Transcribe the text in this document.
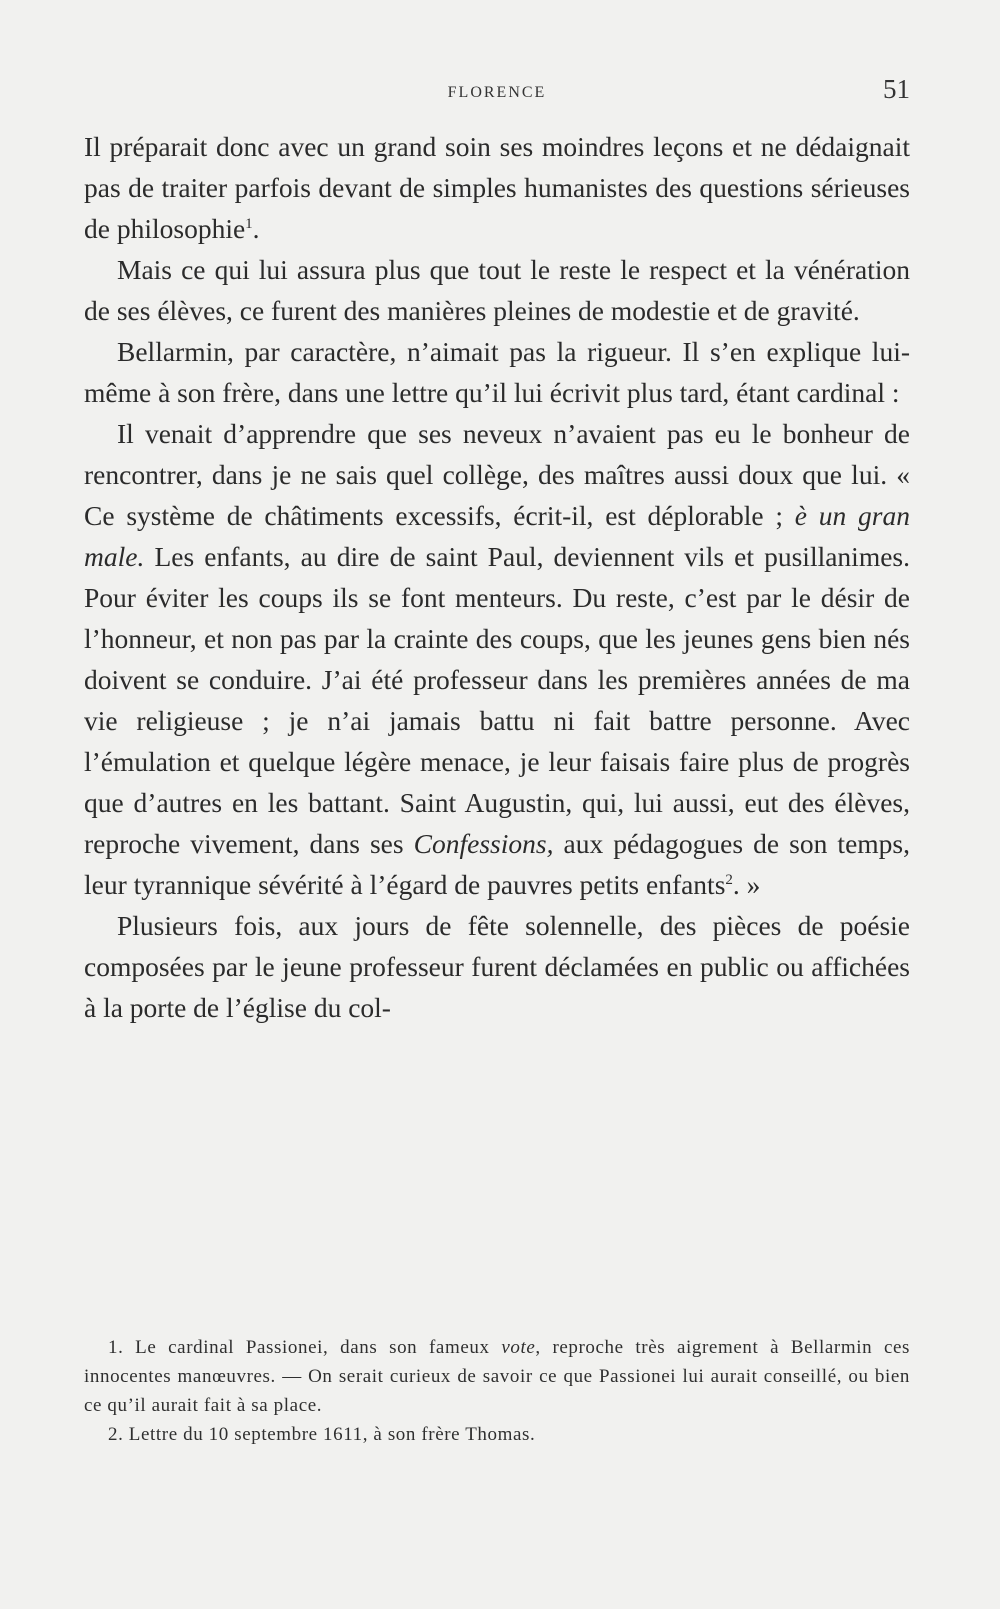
FLORENCE	51

Il préparait donc avec un grand soin ses moindres leçons et ne dédaignait pas de traiter parfois devant de simples humanistes des questions sérieuses de philosophie$^1$.

Mais ce qui lui assura plus que tout le reste le respect et la vénération de ses élèves, ce furent des manières pleines de modestie et de gravité.

Bellarmin, par caractère, n’aimait pas la rigueur. Il s’en explique lui-même à son frère, dans une lettre qu’il lui écrivit plus tard, étant cardinal :

Il venait d’apprendre que ses neveux n’avaient pas eu le bonheur de rencontrer, dans je ne sais quel collège, des maîtres aussi doux que lui. « Ce système de châtiments excessifs, écrit-il, est déplorable ; è un gran male. Les enfants, au dire de saint Paul, deviennent vils et pusillanimes. Pour éviter les coups ils se font menteurs. Du reste, c’est par le désir de l’honneur, et non pas par la crainte des coups, que les jeunes gens bien nés doivent se conduire. J’ai été professeur dans les premières années de ma vie religieuse ; je n’ai jamais battu ni fait battre personne. Avec l’émulation et quelque légère menace, je leur faisais faire plus de progrès que d’autres en les battant. Saint Augustin, qui, lui aussi, eut des élèves, reproche vivement, dans ses Confessions, aux pédagogues de son temps, leur tyrannique sévérité à l’égard de pauvres petits enfants$^2$. »

Plusieurs fois, aux jours de fête solennelle, des pièces de poésie composées par le jeune professeur furent déclamées en public ou affichées à la porte de l’église du col-

1. Le cardinal Passionei, dans son fameux vote, reproche très aigrement à Bellarmin ces innocentes manœuvres. — On serait curieux de savoir ce que Passionei lui aurait conseillé, ou bien ce qu’il aurait fait à sa place.

2. Lettre du 10 septembre 1611, à son frère Thomas.
